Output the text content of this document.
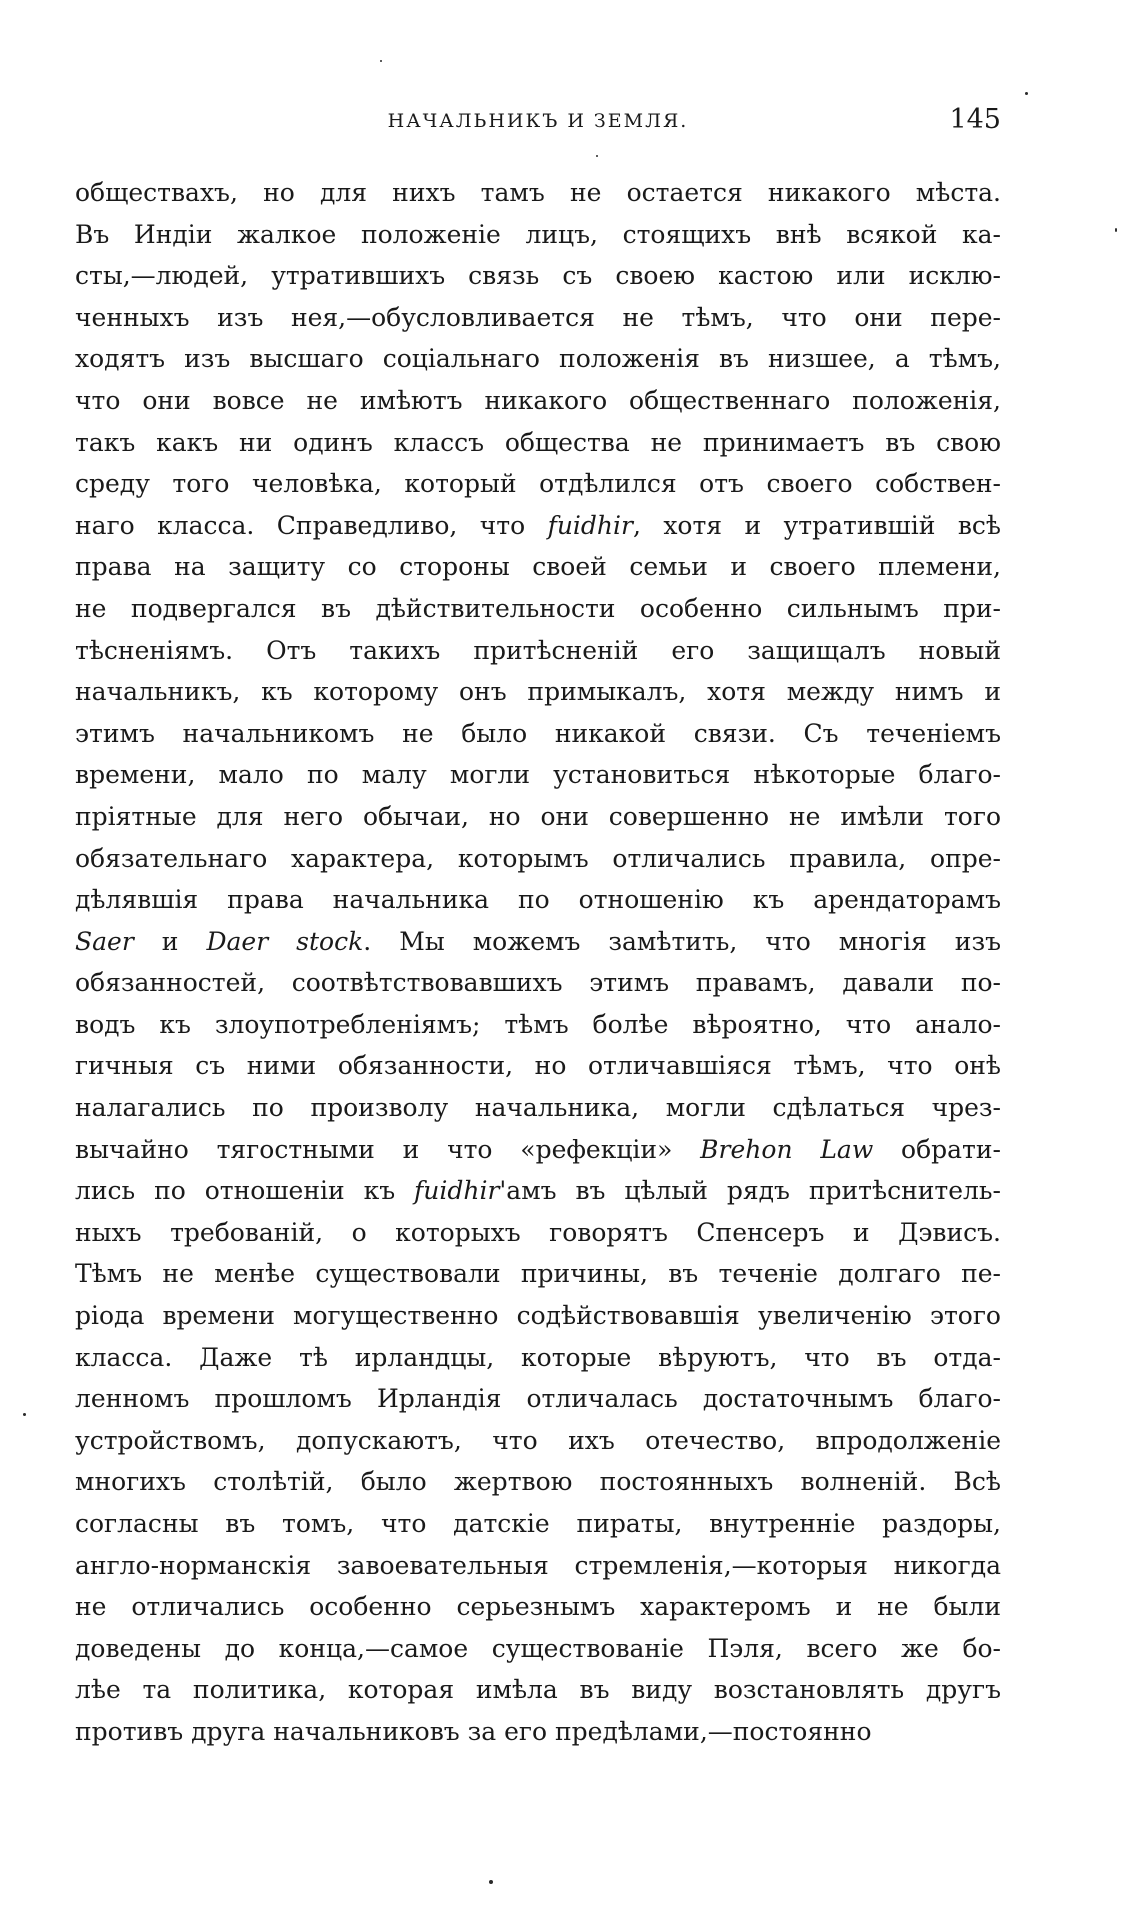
НАЧАЛЬНИКЪ И ЗЕМЛЯ.	145
обществахъ, но для нихъ тамъ не остается никакого мѣста.
Въ Индіи жалкое положеніе лицъ, стоящихъ внѣ всякой ка-
сты,—людей, утратившихъ связь съ своею кастою или исклю-
ченныхъ изъ нея,—обусловливается не тѣмъ, что они пере-
ходятъ изъ высшаго соціальнаго положенія въ низшее, а тѣмъ,
что они вовсе не имѣютъ никакого общественнаго положенія,
такъ какъ ни одинъ классъ общества не принимаетъ въ свою
среду того человѣка, который отдѣлился отъ своего собствен-
наго класса. Справедливо, что fuidhir, хотя и утратившій всѣ
права на защиту со стороны своей семьи и своего племени,
не подвергался въ дѣйствительности особенно сильнымъ при-
тѣсненіямъ. Отъ такихъ притѣсненій его защищалъ новый
начальникъ, къ которому онъ примыкалъ, хотя между нимъ и
этимъ начальникомъ не было никакой связи. Съ теченіемъ
времени, мало по малу могли установиться нѣкоторые благо-
пріятные для него обычаи, но они совершенно не имѣли того
обязательнаго характера, которымъ отличались правила, опре-
дѣлявшія права начальника по отношенію къ арендаторамъ
Saer и Daer stock. Мы можемъ замѣтить, что многія изъ
обязанностей, соотвѣтствовавшихъ этимъ правамъ, давали по-
водъ къ злоупотребленіямъ; тѣмъ болѣе вѣроятно, что анало-
гичныя съ ними обязанности, но отличавшіяся тѣмъ, что онѣ
налагались по произволу начальника, могли сдѣлаться чрез-
вычайно тягостными и что «рефекціи» Brehon Law обрати-
лись по отношеніи къ fuidhir'амъ въ цѣлый рядъ притѣснитель-
ныхъ требованій, о которыхъ говорятъ Спенсеръ и Дэвисъ.
Тѣмъ не менѣе существовали причины, въ теченіе долгаго пе-
ріода времени могущественно содѣйствовавшія увеличенію этого
класса. Даже тѣ ирландцы, которые вѣруютъ, что въ отда-
ленномъ прошломъ Ирландія отличалась достаточнымъ благо-
устройствомъ, допускаютъ, что ихъ отечество, впродолженіе
многихъ столѣтій, было жертвою постоянныхъ волненій. Всѣ
согласны въ томъ, что датскіе пираты, внутренніе раздоры,
англо-норманскія завоевательныя стремленія,—которыя никогда
не отличались особенно серьезнымъ характеромъ и не были
доведены до конца,—самое существованіе Пэля, всего же бо-
лѣе та политика, которая имѣла въ виду возстановлять другъ
противъ друга начальниковъ за его предѣлами,—постоянно
